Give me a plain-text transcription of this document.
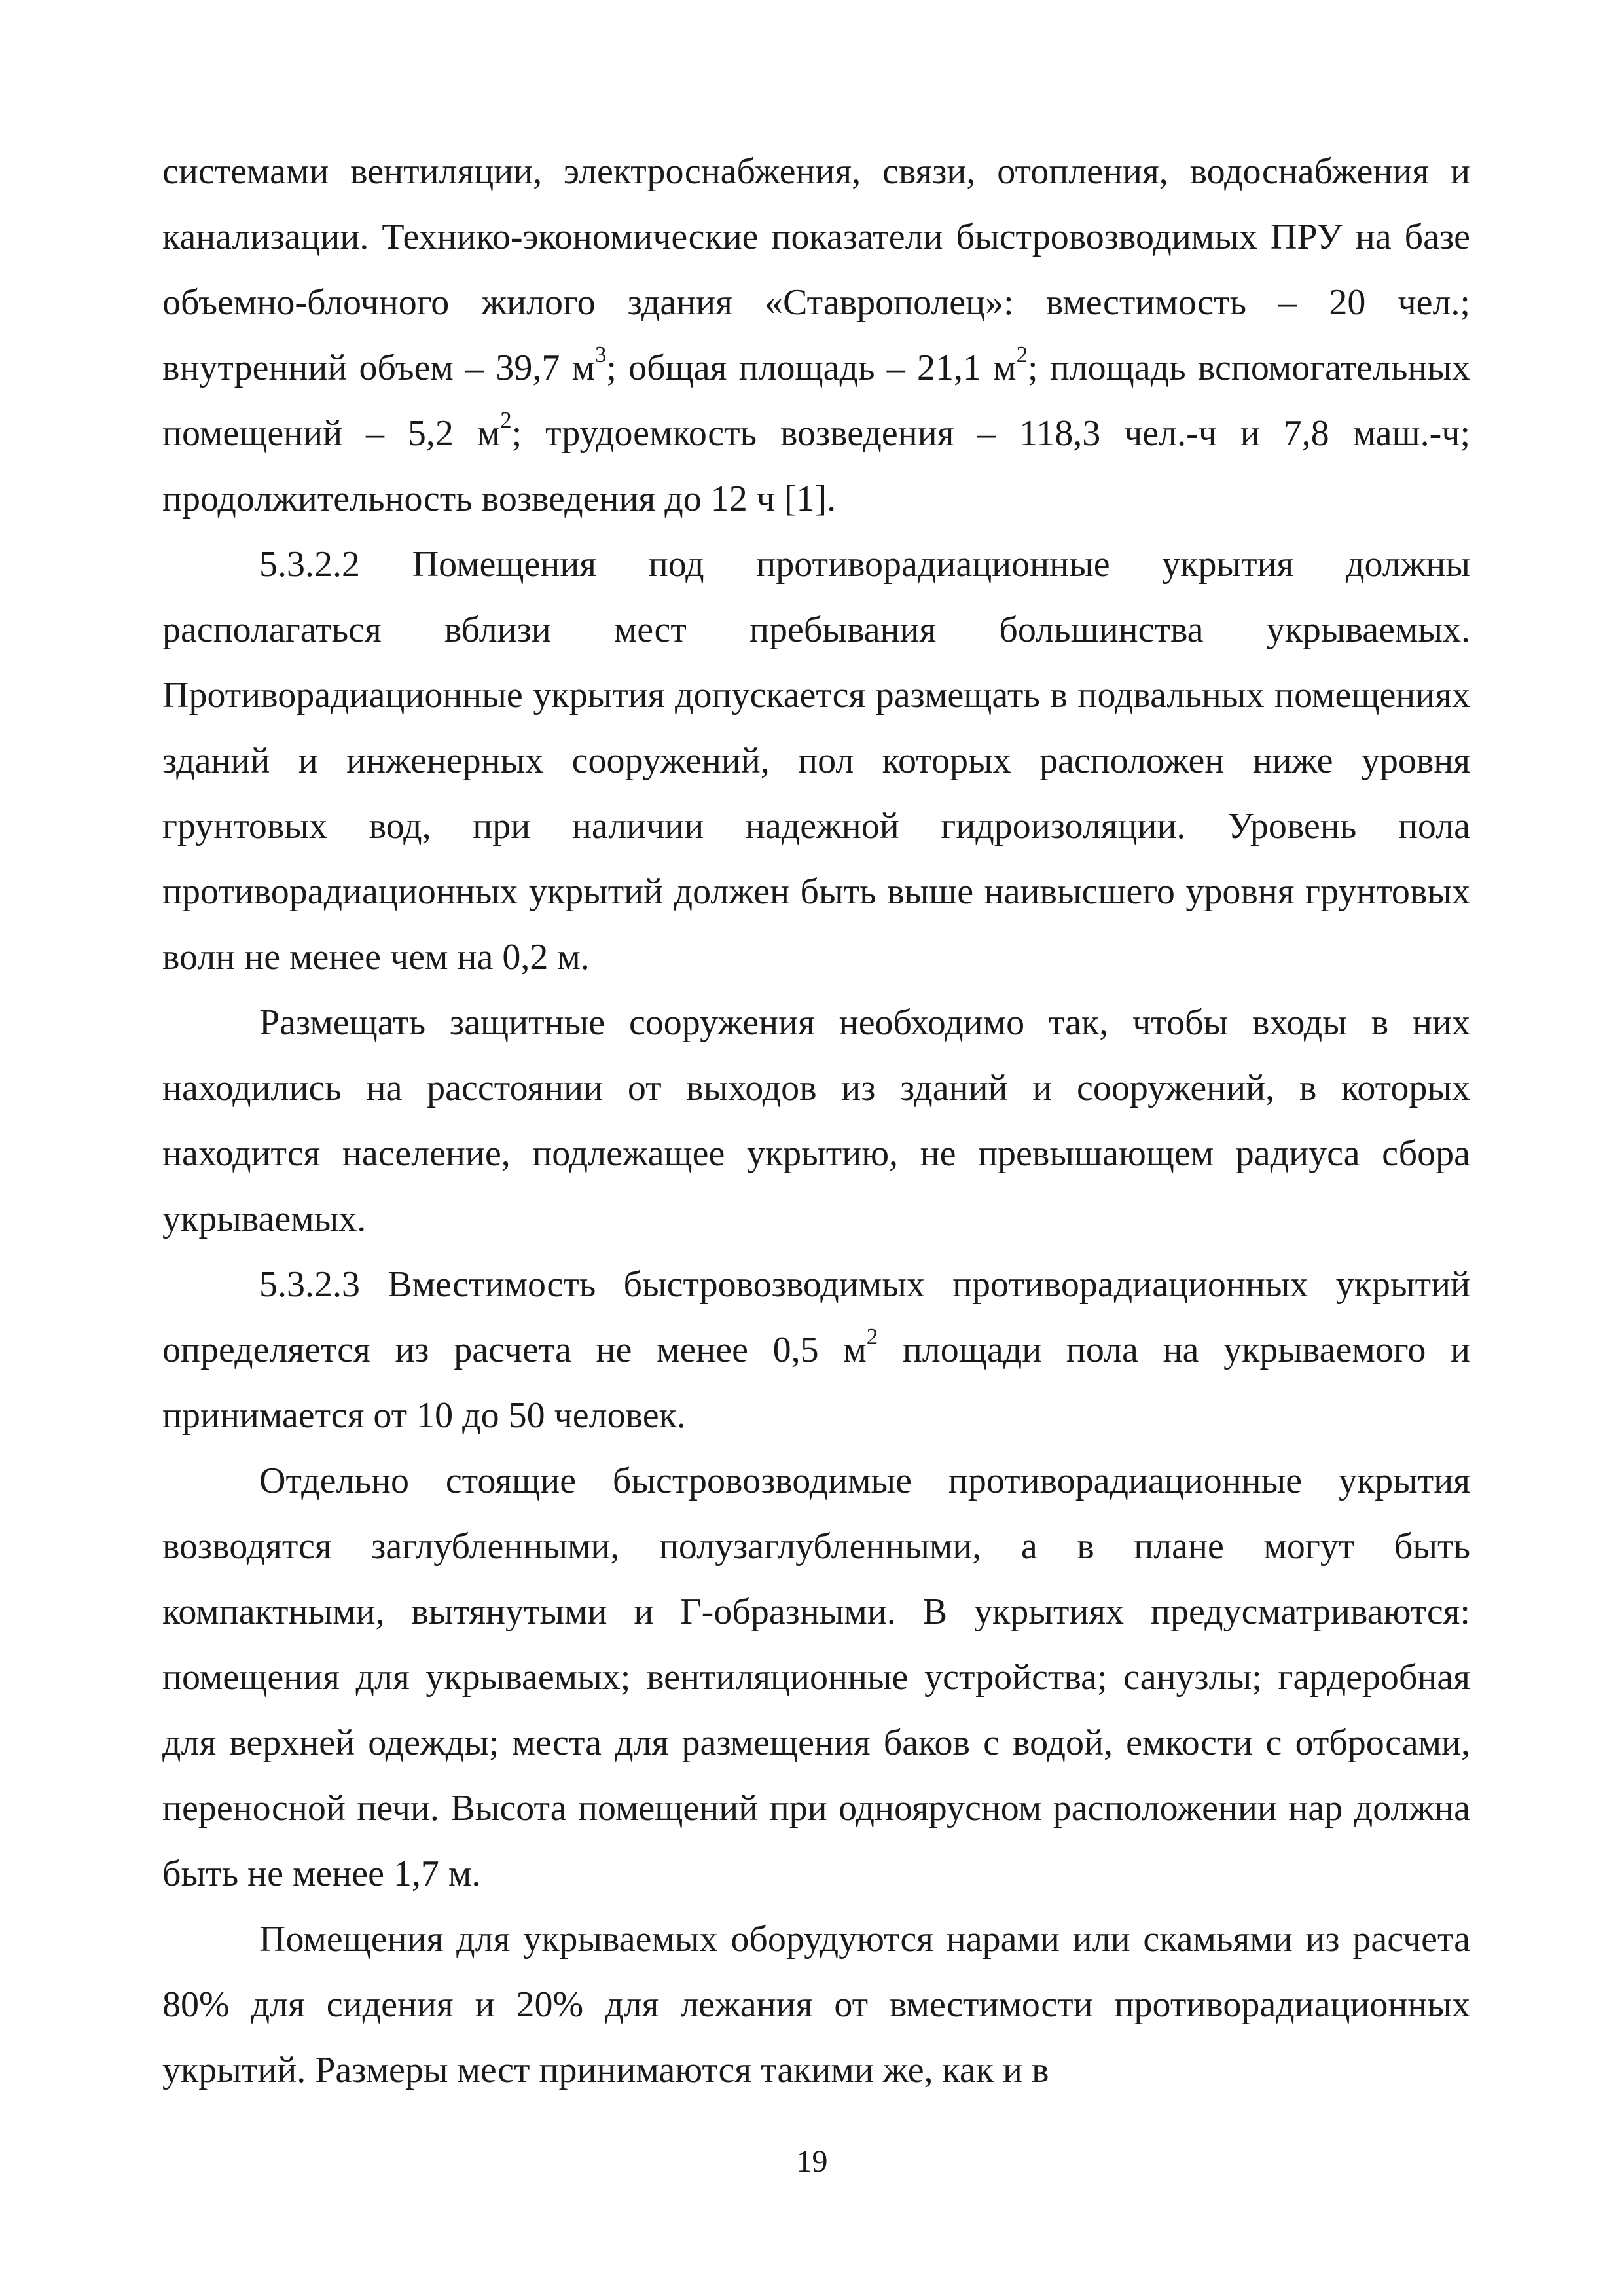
системами вентиляции, электроснабжения, связи, отопления, водоснабжения и канализации. Технико-экономические показатели быстровозводимых ПРУ на базе объемно-блочного жилого здания «Ставрополец»: вместимость – 20 чел.; внутренний объем – 39,7 $м^3$; общая площадь – 21,1 $м^2$; площадь вспомогательных помещений – 5,2 $м^2$; трудоемкость возведения – 118,3 чел.-ч и 7,8 маш.-ч; продолжительность возведения до 12 ч [1].

5.3.2.2 Помещения под противорадиационные укрытия должны располагаться вблизи мест пребывания большинства укрываемых. Противорадиационные укрытия допускается размещать в подвальных помещениях зданий и инженерных сооружений, пол которых расположен ниже уровня грунтовых вод, при наличии надежной гидроизоляции. Уровень пола противорадиационных укрытий должен быть выше наивысшего уровня грунтовых волн не менее чем на 0,2 м.

Размещать защитные сооружения необходимо так, чтобы входы в них находились на расстоянии от выходов из зданий и сооружений, в которых находится население, подлежащее укрытию, не превышающем радиуса сбора укрываемых.

5.3.2.3 Вместимость быстровозводимых противорадиационных укрытий определяется из расчета не менее 0,5 $м^2$ площади пола на укрываемого и принимается от 10 до 50 человек.

Отдельно стоящие быстровозводимые противорадиационные укрытия возводятся заглубленными, полузаглубленными, а в плане могут быть компактными, вытянутыми и Г-образными. В укрытиях предусматриваются: помещения для укрываемых; вентиляционные устройства; санузлы; гардеробная для верхней одежды; места для размещения баков с водой, емкости с отбросами, переносной печи. Высота помещений при одноярусном расположении нар должна быть не менее 1,7 м.

Помещения для укрываемых оборудуются нарами или скамьями из расчета 80% для сидения и 20% для лежания от вместимости противорадиационных укрытий. Размеры мест принимаются такими же, как и в

19
